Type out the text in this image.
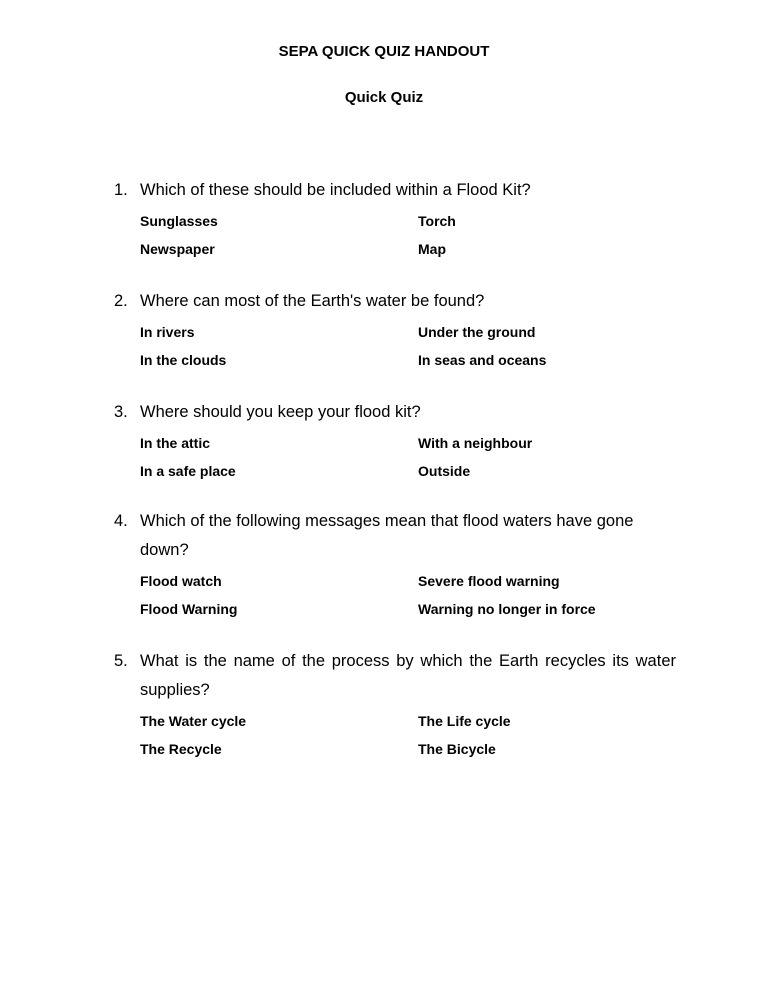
SEPA QUICK QUIZ HANDOUT
Quick Quiz
1. Which of these should be included within a Flood Kit?
Sunglasses	Torch
Newspaper	Map
2. Where can most of the Earth's water be found?
In rivers	Under the ground
In the clouds	In seas and oceans
3. Where should you keep your flood kit?
In the attic	With a neighbour
In a safe place	Outside
4. Which of the following messages mean that flood waters have gone down?
Flood watch	Severe flood warning
Flood Warning	Warning no longer in force
5. What is the name of the process by which the Earth recycles its water supplies?
The Water cycle	The Life cycle
The Recycle	The Bicycle
